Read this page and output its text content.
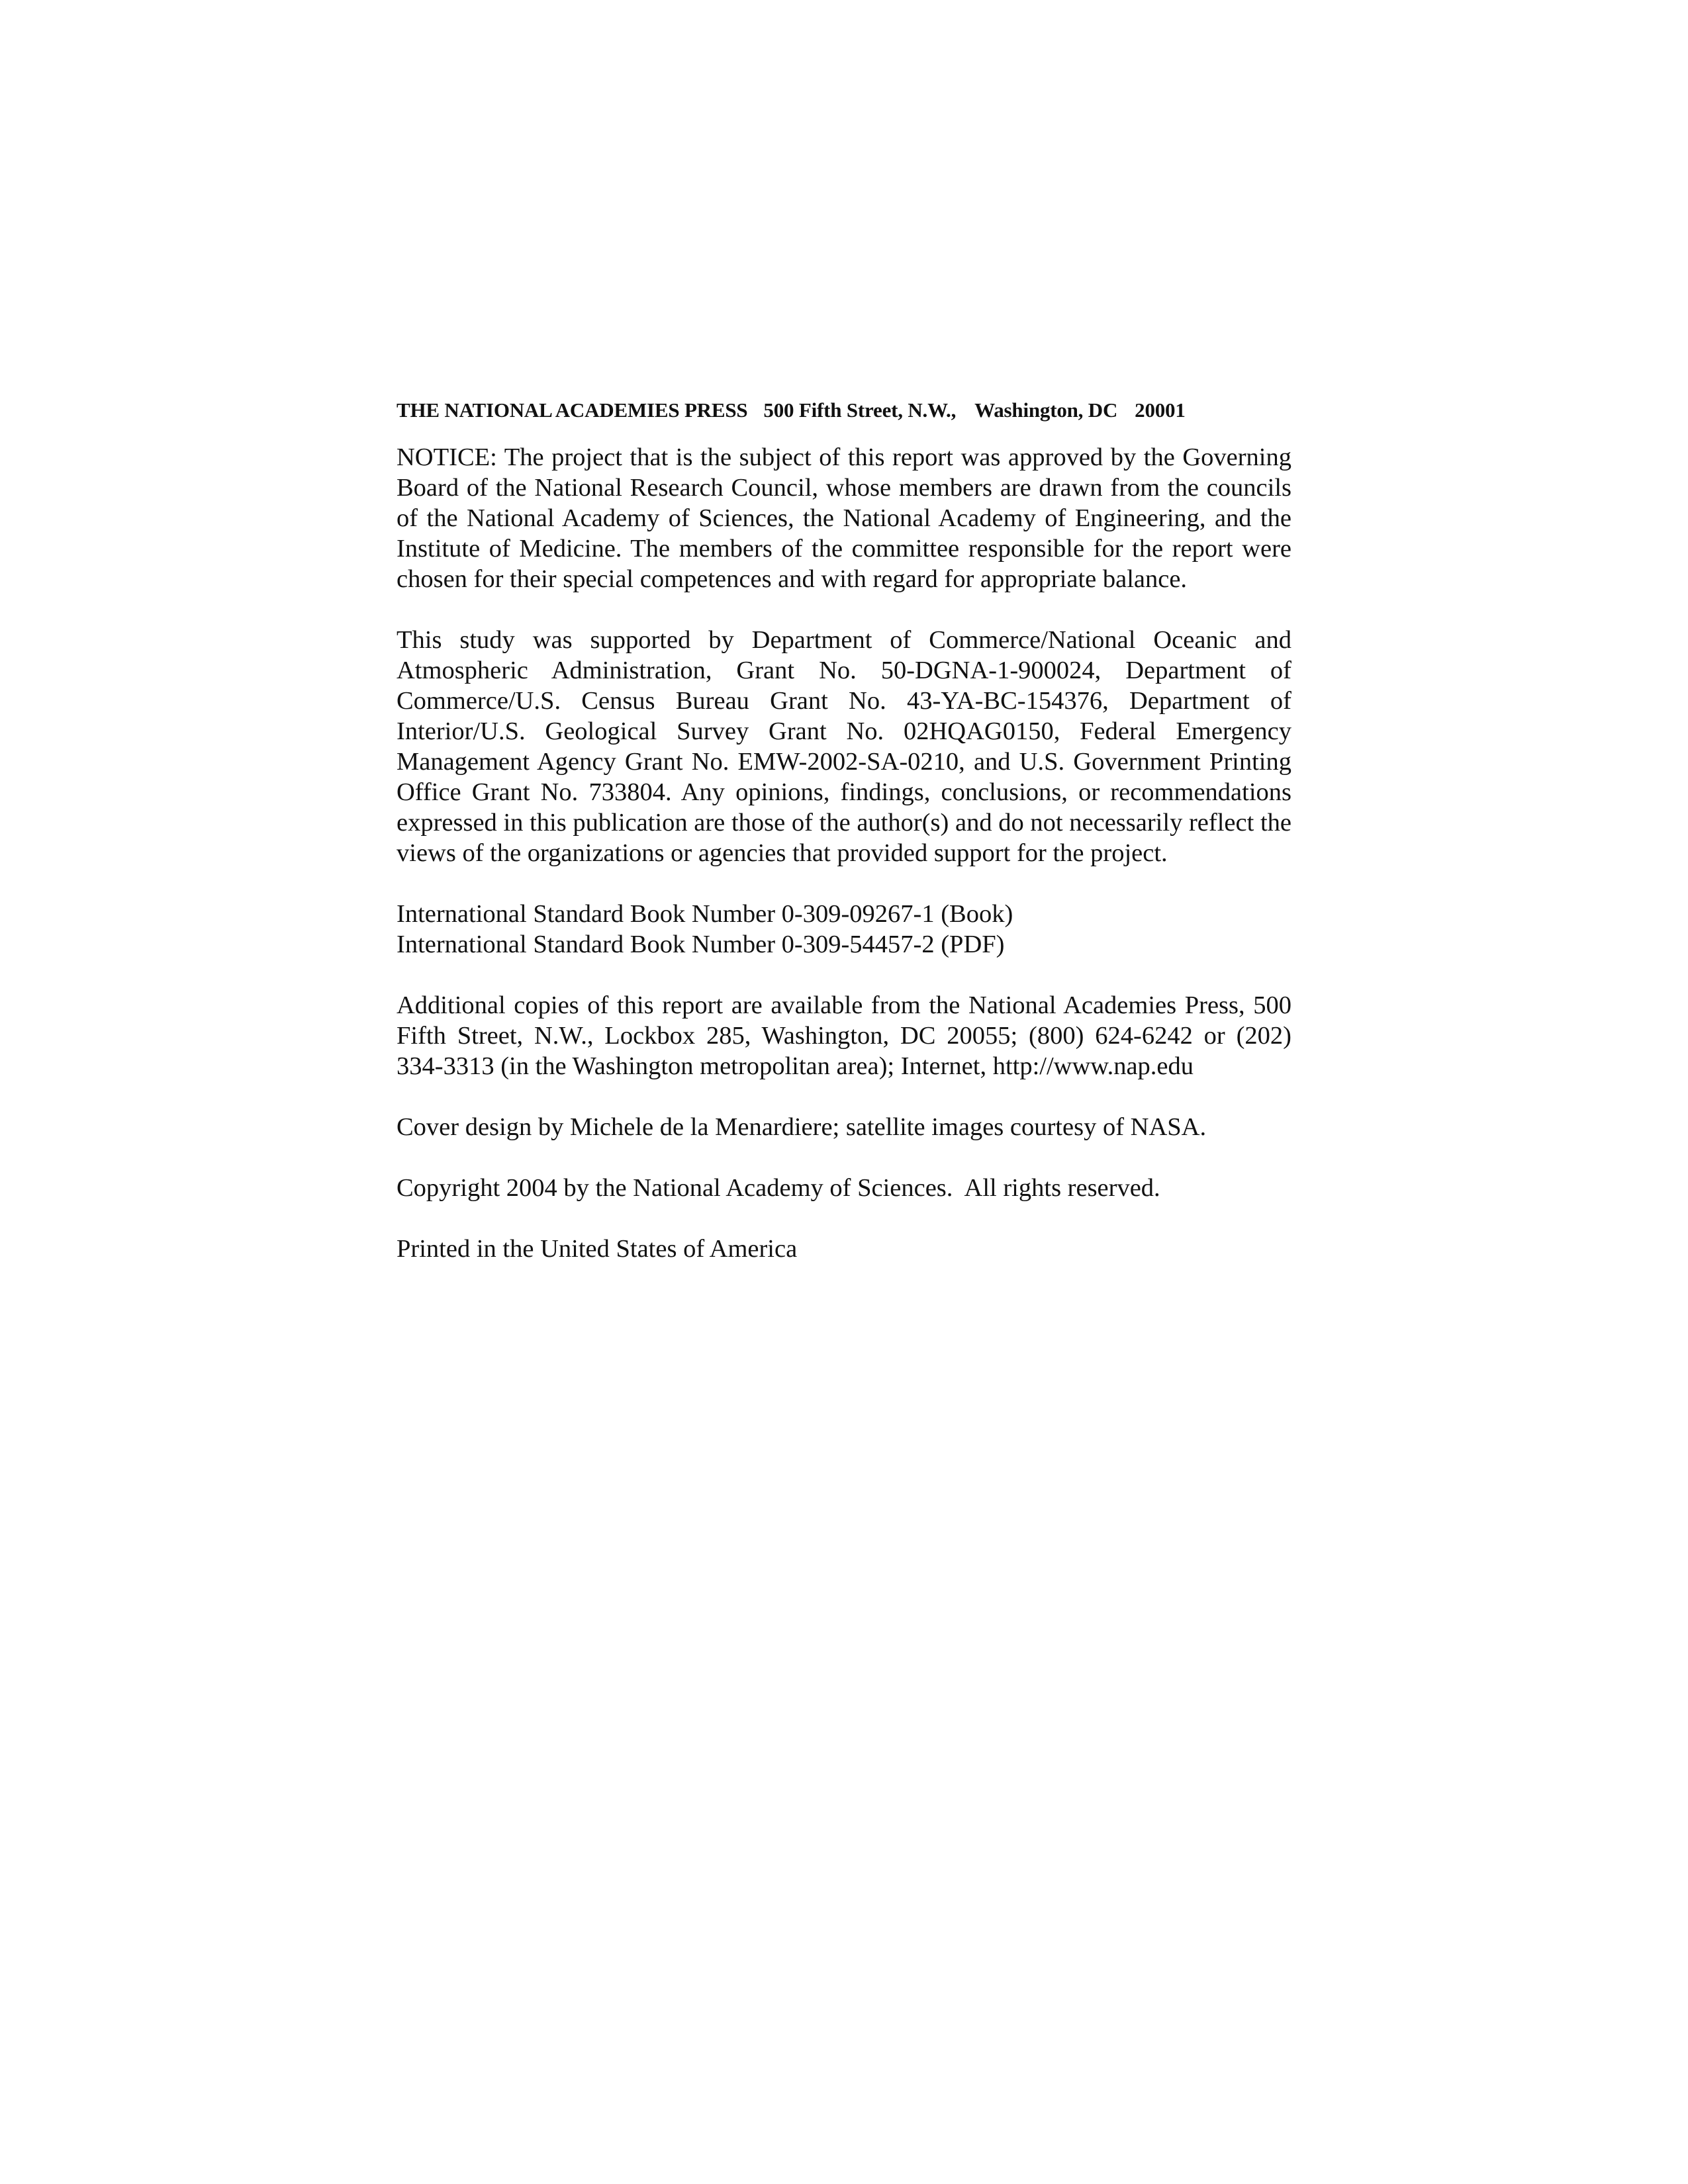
THE NATIONAL ACADEMIES PRESS 500 Fifth Street, N.W., Washington, DC 20001

NOTICE: The project that is the subject of this report was approved by the Governing Board of the National Research Council, whose members are drawn from the councils of the National Academy of Sciences, the National Academy of Engineering, and the Institute of Medicine. The members of the committee responsible for the report were chosen for their special competences and with regard for appropriate balance.

This study was supported by Department of Commerce/National Oceanic and Atmospheric Administration, Grant No. 50-DGNA-1-900024, Department of Commerce/U.S. Census Bureau Grant No. 43-YA-BC-154376, Department of Interior/U.S. Geological Survey Grant No. 02HQAG0150, Federal Emergency Management Agency Grant No. EMW-2002-SA-0210, and U.S. Government Printing Office Grant No. 733804. Any opinions, findings, conclusions, or recommendations expressed in this publication are those of the author(s) and do not necessarily reflect the views of the organizations or agencies that provided support for the project.

International Standard Book Number 0-309-09267-1 (Book)
International Standard Book Number 0-309-54457-2 (PDF)

Additional copies of this report are available from the National Academies Press, 500 Fifth Street, N.W., Lockbox 285, Washington, DC 20055; (800) 624-6242 or (202) 334-3313 (in the Washington metropolitan area); Internet, http://www.nap.edu

Cover design by Michele de la Menardiere; satellite images courtesy of NASA.

Copyright 2004 by the National Academy of Sciences.  All rights reserved.

Printed in the United States of America
